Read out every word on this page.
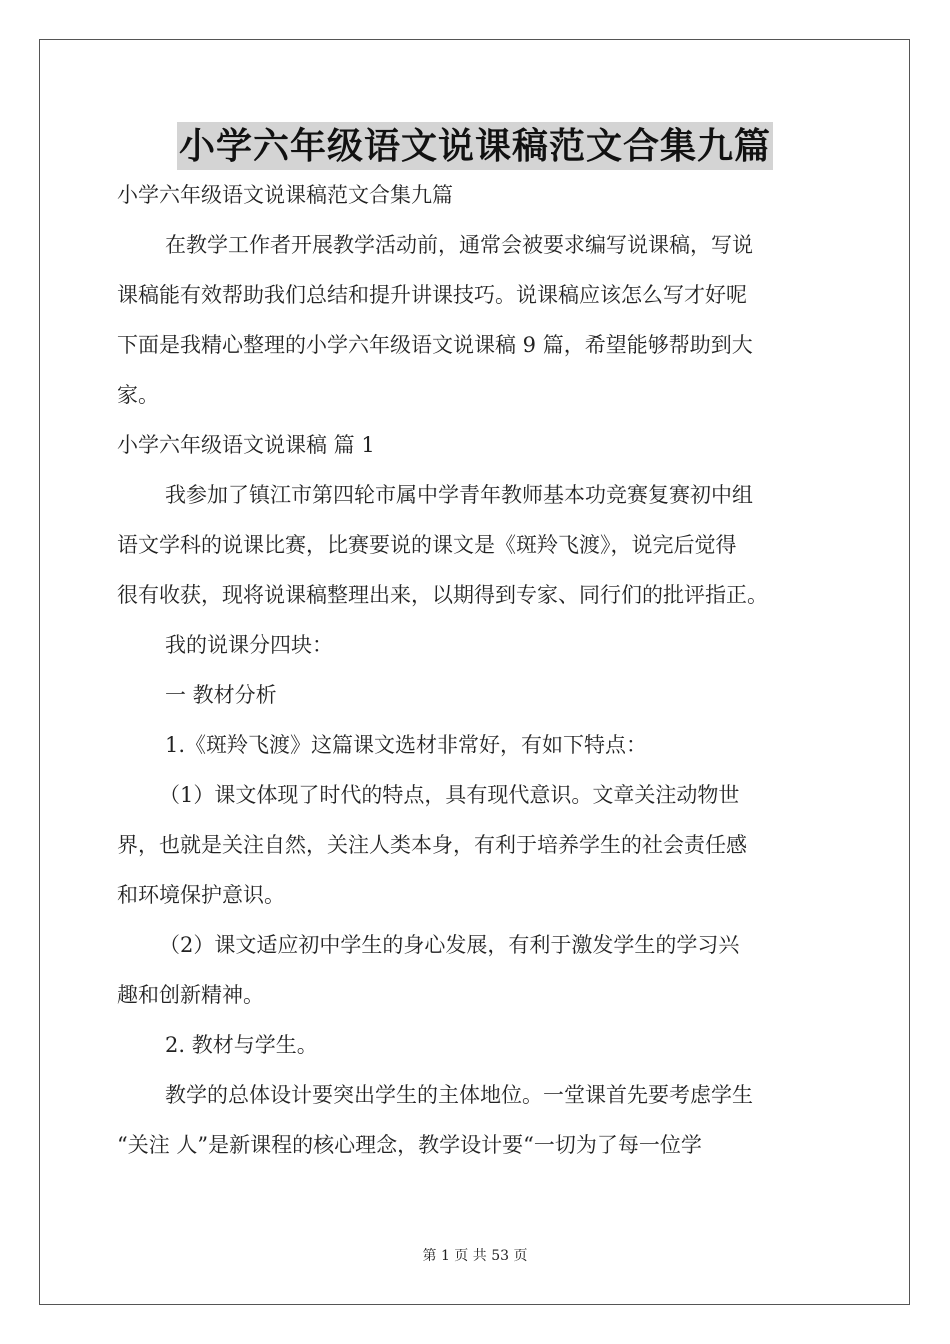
小学六年级语文说课稿范文合集九篇

小学六年级语文说课稿范文合集九篇

在教学工作者开展教学活动前，通常会被要求编写说课稿，写说

课稿能有效帮助我们总结和提升讲课技巧。说课稿应该怎么写才好呢

下面是我精心整理的小学六年级语文说课稿 9 篇，希望能够帮助到大

家。

小学六年级语文说课稿 篇 1

我参加了镇江市第四轮市属中学青年教师基本功竞赛复赛初中组

语文学科的说课比赛，比赛要说的课文是《斑羚飞渡》，说完后觉得

很有收获，现将说课稿整理出来，以期得到专家、同行们的批评指正。

我的说课分四块：

一 教材分析

1.《斑羚飞渡》这篇课文选材非常好，有如下特点：

（1）课文体现了时代的特点，具有现代意识。文章关注动物世

界，也就是关注自然，关注人类本身，有利于培养学生的社会责任感

和环境保护意识。

（2）课文适应初中学生的身心发展，有利于激发学生的学习兴

趣和创新精神。

2. 教材与学生。

教学的总体设计要突出学生的主体地位。一堂课首先要考虑学生

“关注 人”是新课程的核心理念，教学设计要“一切为了每一位学

第 1 页 共 53 页
